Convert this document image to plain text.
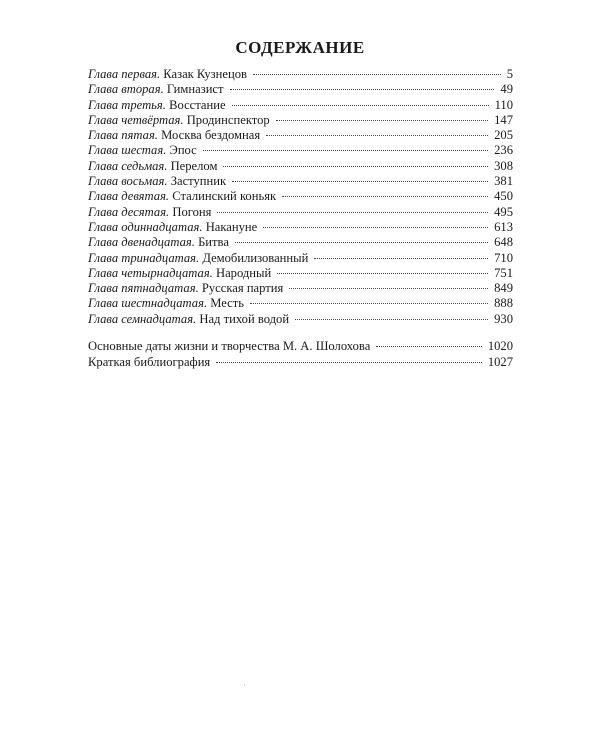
СОДЕРЖАНИЕ
Глава первая. Казак Кузнецов	5
Глава вторая. Гимназист	49
Глава третья. Восстание	110
Глава четвёртая. Продинспектор	147
Глава пятая. Москва бездомная	205
Глава шестая. Эпос	236
Глава седьмая. Перелом	308
Глава восьмая. Заступник	381
Глава девятая. Сталинский коньяк	450
Глава десятая. Погоня	495
Глава одиннадцатая. Накануне	613
Глава двенадцатая. Битва	648
Глава тринадцатая. Демобилизованный	710
Глава четырнадцатая. Народный	751
Глава пятнадцатая. Русская партия	849
Глава шестнадцатая. Месть	888
Глава семнадцатая. Над тихой водой	930
Основные даты жизни и творчества М. А. Шолохова	1020
Краткая библиография	1027
·
